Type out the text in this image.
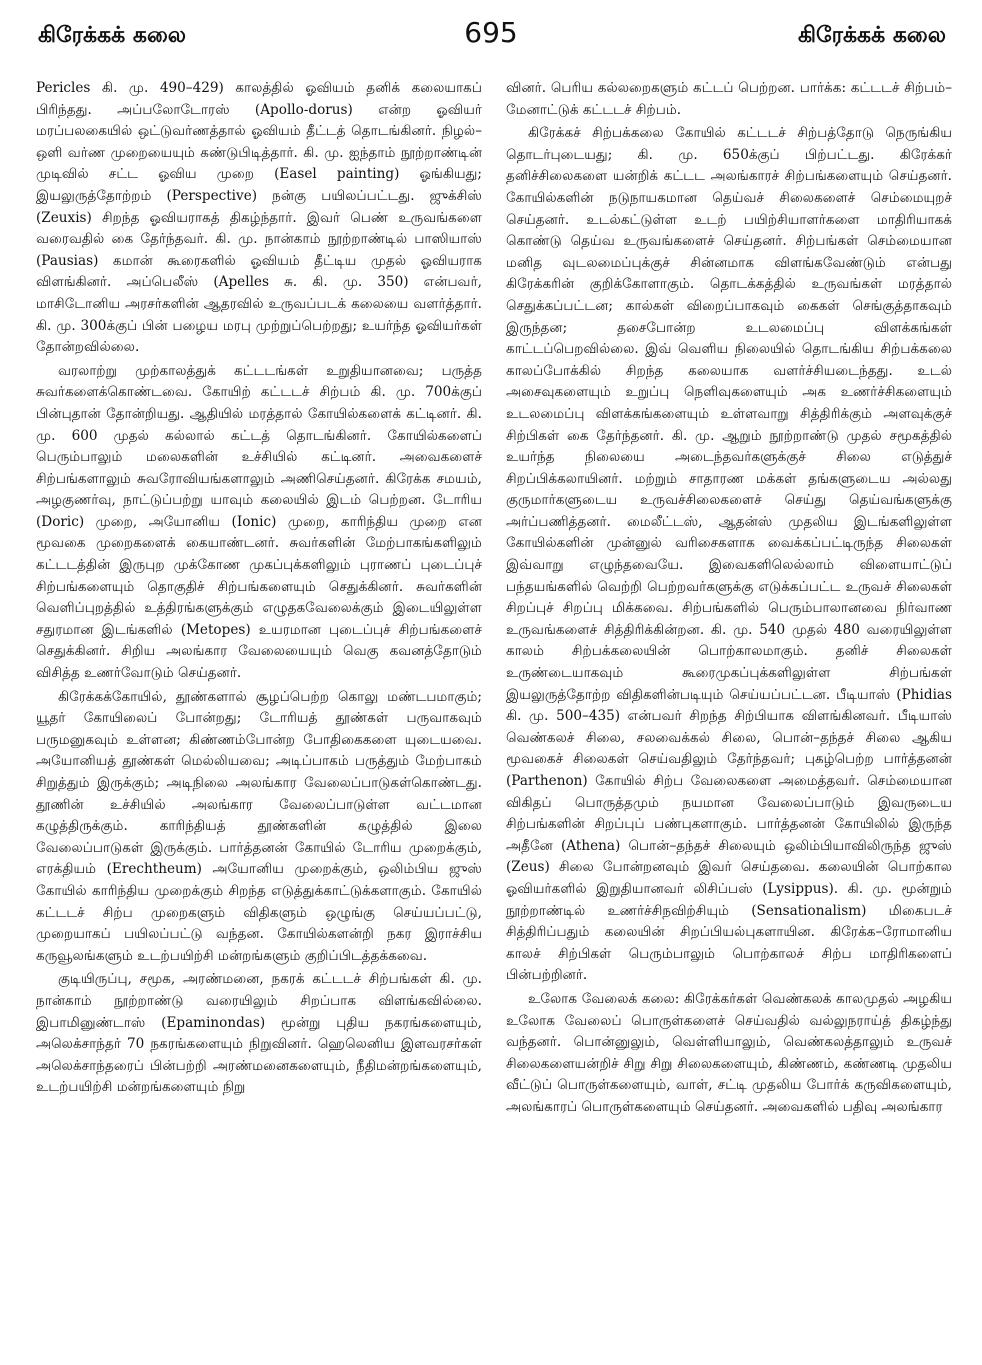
கிரேக்கக் கலை	695	கிரேக்கக் கலை

Pericles கி. மு. 490–429) காலத்தில் ஓவியம் தனிக் கலையாகப் பிரிந்தது. அப்பலோடோரஸ் (Apollo-dorus) என்ற ஓவியர் மரப்பலகையில் ஒட்டுவர்ணத்தால் ஓவியம் தீட்டத் தொடங்கினர். நிழல்–ஒளி வர்ண முறையையும் கண்டுபிடித்தார். கி. மு. ஐந்தாம் நூற்றாண்டின் முடிவில் சட்ட ஓவிய முறை (Easel painting) ஓங்கியது; இயலுருத்தோற்றம் (Perspective) நன்கு பயிலப்பட்டது. ஜுக்சிஸ் (Zeuxis) சிறந்த ஓவியராகத் திகழ்ந்தார். இவர் பெண் உருவங்களை வரைவதில் கை தேர்ந்தவர். கி. மு. நான்காம் நூற்றாண்டில் பாஸியாஸ் (Pausias) கமான் கூரைகளில் ஓவியம் தீட்டிய முதல் ஓவியராக விளங்கினர். அப்பெலீஸ் (Apelles சு. கி. மு. 350) என்பவர், மாசிடோனிய அரசர்களின் ஆதரவில் உருவப்படக் கலையை வளர்த்தார். கி. மு. 300க்குப் பின் பழைய மரபு முற்றுப்பெற்றது; உயர்ந்த ஓவியர்கள் தோன்றவில்லை.

வரலாற்று முற்காலத்துக் கட்டடங்கள் உறுதியானவை; பருத்த சுவர்களைக்கொண்டவை. கோயிற் கட்டடச் சிற்பம் கி. மு. 700க்குப் பின்புதான் தோன்றியது. ஆதியில் மரத்தால் கோயில்களைக் கட்டினர். கி. மு. 600 முதல் கல்லால் கட்டத் தொடங்கினர். கோயில்களைப் பெரும்பாலும் மலைகளின் உச்சியில் கட்டினர். அவைகளைச் சிற்பங்களாலும் சுவரோவியங்களாலும் அணிசெய்தனர். கிரேக்க சமயம், அழகுணர்வு, நாட்டுப்பற்று யாவும் கலையில் இடம் பெற்றன. டோரிய (Doric) முறை, அயோனிய (Ionic) முறை, காரிந்திய முறை என மூவகை முறைகளைக் கையாண்டனர். சுவர்களின் மேற்பாகங்களிலும் கட்டடத்தின் இருபுற முக்கோண முகப்புக்களிலும் புராணப் புடைப்புச் சிற்பங்களையும் தொகுதிச் சிற்பங்களையும் செதுக்கினர். சுவர்களின் வெளிப்புறத்தில் உத்திரங்களுக்கும் எழுதகவேலைக்கும் இடையிலுள்ள சதுரமான இடங்களில் (Metopes) உயரமான புடைப்புச் சிற்பங்களைச் செதுக்கினர். சிறிய அலங்கார வேலையையும் வெகு கவனத்தோடும் விசித்த உணர்வோடும் செய்தனர்.

கிரேக்கக்கோயில், தூண்களால் சூழப்பெற்ற கொலு மண்டபமாகும்; யூதர் கோயிலைப் போன்றது; டோரியத் தூண்கள் பருவாகவும் பருமனுகவும் உள்ளன; கிண்ணம்போன்ற போதிகைகளை யுடையவை. அயோனியத் தூண்கள் மெல்லியவை; அடிப்பாகம் பருத்தும் மேற்பாகம் சிறுத்தும் இருக்கும்; அடிநிலை அலங்கார வேலைப்பாடுகள்கொண்டது. தூணின் உச்சியில் அலங்கார வேலைப்பாடுள்ள வட்டமான கழுத்திருக்கும். காரிந்தியத் தூண்களின் கழுத்தில் இலை வேலைப்பாடுகள் இருக்கும். பார்த்தனன் கோயில் டோரிய முறைக்கும், எரக்தியம் (Erechtheum) அயோனிய முறைக்கும், ஒலிம்பிய ஜுஸ் கோயில் காரிந்திய முறைக்கும் சிறந்த எடுத்துக்காட்டுக்களாகும். கோயில் கட்டடச் சிற்ப முறைகளும் விதிகளும் ஒழுங்கு செய்யப்பட்டு, முறையாகப் பயிலப்பட்டு வந்தன. கோயில்களன்றி நகர இராச்சிய கருவூலங்களும் உடற்பயிற்சி மன்றங்களும் குறிப்பிடத்தக்கவை.

குடியிருப்பு, சமூக, அரண்மனை, நகரக் கட்டடச் சிற்பங்கள் கி. மு. நான்காம் நூற்றாண்டு வரையிலும் சிறப்பாக விளங்கவில்லை. இபாமினுண்டாஸ் (Epaminondas) மூன்று புதிய நகரங்களையும், அலெக்சாந்தர் 70 நகரங்களையும் நிறுவினர். ஹெலெனிய இளவரசர்கள் அலெக்சாந்தரைப் பின்பற்றி அரண்மனைகளையும், நீதிமன்றங்களையும், உடற்பயிற்சி மன்றங்களையும் நிறு

வினர். பெரிய கல்லறைகளும் கட்டப் பெற்றன. பார்க்க: கட்டடச் சிற்பம்–மேனாட்டுக் கட்டடச் சிற்பம்.

கிரேக்கச் சிற்பக்கலை கோயில் கட்டடச் சிற்பத்தோடு நெருங்கிய தொடர்புடையது; கி. மு. 650க்குப் பிற்பட்டது. கிரேக்கர் தனிச்சிலைகளை யன்றிக் கட்டட அலங்காரச் சிற்பங்களையும் செய்தனர். கோயில்களின் நடுநாயகமான தெய்வச் சிலைகளைச் செம்மையுறச் செய்தனர். உடல்கட்டுள்ள உடற் பயிற்சியாளர்களை மாதிரியாகக் கொண்டு தெய்வ உருவங்களைச் செய்தனர். சிற்பங்கள் செம்மையான மனித வுடலமைப்புக்குச் சின்னமாக விளங்கவேண்டும் என்பது கிரேக்கரின் குறிக்கோளாகும். தொடக்கத்தில் உருவங்கள் மரத்தால் செதுக்கப்பட்டன; கால்கள் விறைப்பாகவும் கைகள் செங்குத்தாகவும் இருந்தன; தசைபோன்ற உடலமைப்பு விளக்கங்கள் காட்டப்பெறவில்லை. இவ் வெளிய நிலையில் தொடங்கிய சிற்பக்கலை காலப்போக்கில் சிறந்த கலையாக வளர்ச்சியடைந்தது. உடல் அசைவுகளையும் உறுப்பு நெளிவுகளையும் அக உணர்ச்சிகளையும் உடலமைப்பு விளக்கங்களையும் உள்ளவாறு சித்திரிக்கும் அளவுக்குச் சிற்பிகள் கை தேர்ந்தனர். கி. மு. ஆறும் நூற்றாண்டு முதல் சமூகத்தில் உயர்ந்த நிலையை அடைந்தவர்களுக்குச் சிலை எடுத்துச் சிறப்பிக்கலாயினர். மற்றும் சாதாரண மக்கள் தங்களுடைய அல்லது குருமார்களுடைய உருவச்சிலைகளைச் செய்து தெய்வங்களுக்கு அர்ப்பணித்தனர். மைலீட்டஸ், ஆதன்ஸ் முதலிய இடங்களிலுள்ள கோயில்களின் முன்னுல் வரிசைகளாக வைக்கப்பட்டிருந்த சிலைகள் இவ்வாறு எழுந்தவையே. இவைகளிலெல்லாம் விளையாட்டுப் பந்தயங்களில் வெற்றி பெற்றவர்களுக்கு எடுக்கப்பட்ட உருவச் சிலைகள் சிறப்புச் சிறப்பு மிக்கவை. சிற்பங்களில் பெரும்பாலானவை நிர்வாண உருவங்களைச் சித்திரிக்கின்றன. கி. மு. 540 முதல் 480 வரையிலுள்ள காலம் சிற்பக்கலையின் பொற்காலமாகும். தனிச் சிலைகள் உருண்டையாகவும் கூரைமுகப்புக்களிலுள்ள சிற்பங்கள் இயலுருத்தோற்ற விதிகளின்படியும் செய்யப்பட்டன. பீடியாஸ் (Phidias கி. மு. 500–435) என்பவர் சிறந்த சிற்பியாக விளங்கினவர். பீடியாஸ் வெண்கலச் சிலை, சலவைக்கல் சிலை, பொன்–தந்தச் சிலை ஆகிய மூவகைச் சிலைகள் செய்வதிலும் தேர்ந்தவர்; புகழ்பெற்ற பார்த்தனன் (Parthenon) கோயில் சிற்ப வேலைகளை அமைத்தவர். செம்மையான விகிதப் பொருத்தமும் நயமான வேலைப்பாடும் இவருடைய சிற்பங்களின் சிறப்புப் பண்புகளாகும். பார்த்தனன் கோயிலில் இருந்த அதீனே (Athena) பொன்–தந்தச் சிலையும் ஒலிம்பியாவிலிருந்த ஜுஸ் (Zeus) சிலை போன்றனவும் இவர் செய்தவை. கலையின் பொற்கால ஓவியர்களில் இறுதியானவர் லிசிப்பஸ் (Lysippus). கி. மு. மூன்றும் நூற்றாண்டில் உணர்ச்சிநவிற்சியும் (Sensationalism) மிகைபடச் சித்திரிப்பதும் கலையின் சிறப்பியல்புகளாயின. கிரேக்க–ரோமானிய காலச் சிற்பிகள் பெரும்பாலும் பொற்காலச் சிற்ப மாதிரிகளைப் பின்பற்றினர்.

உலோக வேலைக் கலை: கிரேக்கர்கள் வெண்கலக் காலமுதல் அழகிய உலோக வேலைப் பொருள்களைச் செய்வதில் வல்லுநராய்த் திகழ்ந்து வந்தனர். பொன்னுலும், வெள்ளியாலும், வெண்கலத்தாலும் உருவச் சிலைகளையன்றிச் சிறு சிறு சிலைகளையும், கிண்ணம், கண்ணடி முதலிய வீட்டுப் பொருள்களையும், வாள், சட்டி முதலிய போர்க் கருவிகளையும், அலங்காரப் பொருள்களையும் செய்தனர். அவைகளில் பதிவு அலங்கார
